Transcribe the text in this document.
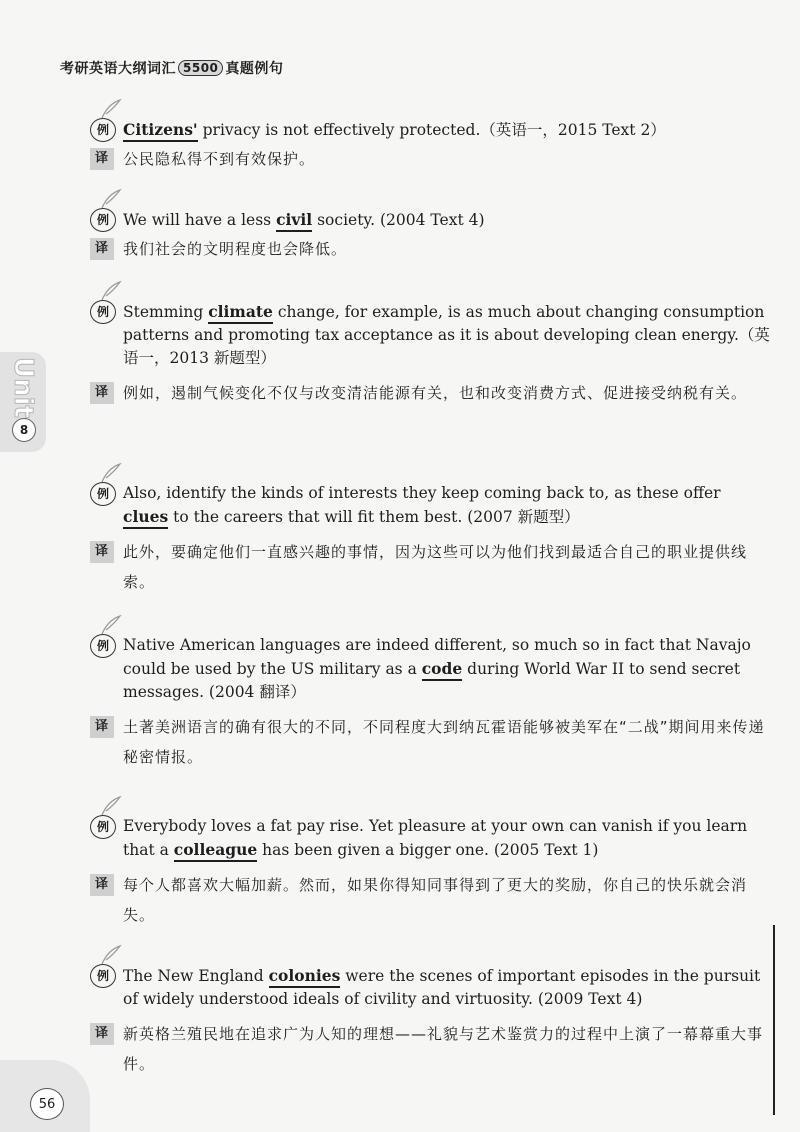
考研英语大纲词汇 5500 真题例句
Unit
8
例 Citizens' privacy is not effectively protected.（英语一，2015 Text 2）
译 公民隐私得不到有效保护。
例 We will have a less civil society. (2004 Text 4)
译 我们社会的文明程度也会降低。
例 Stemming climate change, for example, is as much about changing consumption patterns and promoting tax acceptance as it is about developing clean energy.（英语一，2013 新题型）
译 例如，遏制气候变化不仅与改变清洁能源有关，也和改变消费方式、促进接受纳税有关。
例 Also, identify the kinds of interests they keep coming back to, as these offer clues to the careers that will fit them best. (2007 新题型）
译 此外，要确定他们一直感兴趣的事情，因为这些可以为他们找到最适合自己的职业提供线索。
例 Native American languages are indeed different, so much so in fact that Navajo could be used by the US military as a code during World War II to send secret messages. (2004 翻译）
译 土著美洲语言的确有很大的不同，不同程度大到纳瓦霍语能够被美军在“二战”期间用来传递秘密情报。
例 Everybody loves a fat pay rise. Yet pleasure at your own can vanish if you learn that a colleague has been given a bigger one. (2005 Text 1)
译 每个人都喜欢大幅加薪。然而，如果你得知同事得到了更大的奖励，你自己的快乐就会消失。
例 The New England colonies were the scenes of important episodes in the pursuit of widely understood ideals of civility and virtuosity. (2009 Text 4)
译 新英格兰殖民地在追求广为人知的理想——礼貌与艺术鉴赏力的过程中上演了一幕幕重大事件。
56
